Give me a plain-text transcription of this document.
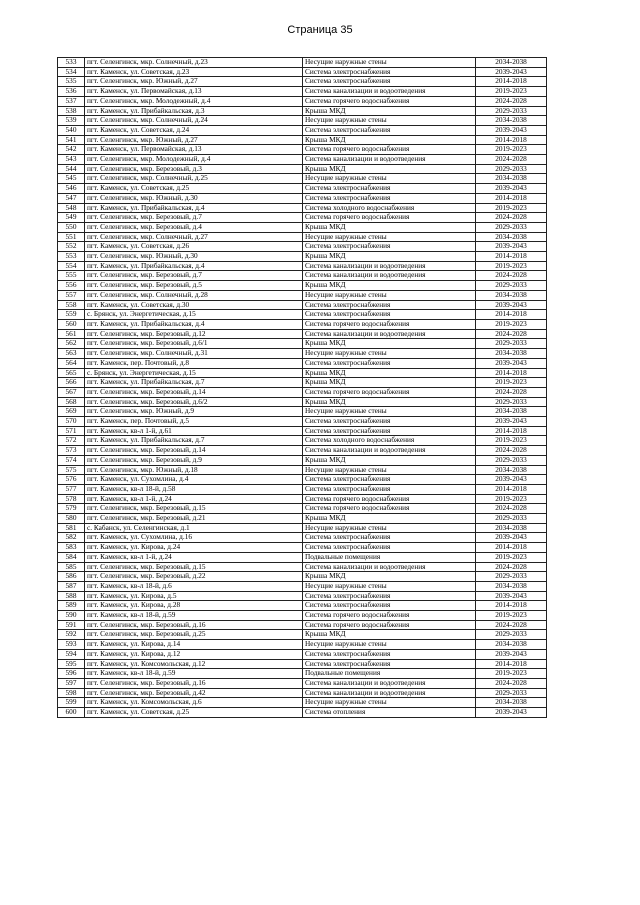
Страница 35
533	пгт. Селенгинск, мкр. Солнечный, д.23	Несущие наружные стены	2034-2038
534	пгт. Каменск, ул. Советская, д.23	Система электроснабжения	2039-2043
535	пгт. Селенгинск, мкр. Южный, д.27	Система электроснабжения	2014-2018
536	пгт. Каменск, ул. Первомайская, д.13	Система канализации и водоотведения	2019-2023
537	пгт. Селенгинск, мкр. Молодежный, д.4	Система горячего водоснабжения	2024-2028
538	пгт. Каменск, ул. Прибайкальская, д.3	Крыша МКД	2029-2033
539	пгт. Селенгинск, мкр. Солнечный, д.24	Несущие наружные стены	2034-2038
540	пгт. Каменск, ул. Советская, д.24	Система электроснабжения	2039-2043
541	пгт. Селенгинск, мкр. Южный, д.27	Крыша МКД	2014-2018
542	пгт. Каменск, ул. Первомайская, д.13	Система горячего водоснабжения	2019-2023
543	пгт. Селенгинск, мкр. Молодежный, д.4	Система канализации и водоотведения	2024-2028
544	пгт. Селенгинск, мкр. Березовый, д.3	Крыша МКД	2029-2033
545	пгт. Селенгинск, мкр. Солнечный, д.25	Несущие наружные стены	2034-2038
546	пгт. Каменск, ул. Советская, д.25	Система электроснабжения	2039-2043
547	пгт. Селенгинск, мкр. Южный, д.30	Система электроснабжения	2014-2018
548	пгт. Каменск, ул. Прибайкальская, д.4	Система холодного водоснабжения	2019-2023
549	пгт. Селенгинск, мкр. Березовый, д.7	Система горячего водоснабжения	2024-2028
550	пгт. Селенгинск, мкр. Березовый, д.4	Крыша МКД	2029-2033
551	пгт. Селенгинск, мкр. Солнечный, д.27	Несущие наружные стены	2034-2038
552	пгт. Каменск, ул. Советская, д.26	Система электроснабжения	2039-2043
553	пгт. Селенгинск, мкр. Южный, д.30	Крыша МКД	2014-2018
554	пгт. Каменск, ул. Прибайкальская, д.4	Система канализации и водоотведения	2019-2023
555	пгт. Селенгинск, мкр. Березовый, д.7	Система канализации и водоотведения	2024-2028
556	пгт. Селенгинск, мкр. Березовый, д.5	Крыша МКД	2029-2033
557	пгт. Селенгинск, мкр. Солнечный, д.28	Несущие наружные стены	2034-2038
558	пгт. Каменск, ул. Советская, д.30	Система электроснабжения	2039-2043
559	с. Брянск, ул. Энергетическая, д.15	Система электроснабжения	2014-2018
560	пгт. Каменск, ул. Прибайкальская, д.4	Система горячего водоснабжения	2019-2023
561	пгт. Селенгинск, мкр. Березовый, д.12	Система канализации и водоотведения	2024-2028
562	пгт. Селенгинск, мкр. Березовый, д.6/1	Крыша МКД	2029-2033
563	пгт. Селенгинск, мкр. Солнечный, д.31	Несущие наружные стены	2034-2038
564	пгт. Каменск, пер. Почтовый, д.8	Система электроснабжения	2039-2043
565	с. Брянск, ул. Энергетическая, д.15	Крыша МКД	2014-2018
566	пгт. Каменск, ул. Прибайкальская, д.7	Крыша МКД	2019-2023
567	пгт. Селенгинск, мкр. Березовый, д.14	Система горячего водоснабжения	2024-2028
568	пгт. Селенгинск, мкр. Березовый, д.6/2	Крыша МКД	2029-2033
569	пгт. Селенгинск, мкр. Южный, д.9	Несущие наружные стены	2034-2038
570	пгт. Каменск, пер. Почтовый, д.5	Система электроснабжения	2039-2043
571	пгт. Каменск, кв-л 1-й, д.61	Система электроснабжения	2014-2018
572	пгт. Каменск, ул. Прибайкальская, д.7	Система холодного водоснабжения	2019-2023
573	пгт. Селенгинск, мкр. Березовый, д.14	Система канализации и водоотведения	2024-2028
574	пгт. Селенгинск, мкр. Березовый, д.9	Крыша МКД	2029-2033
575	пгт. Селенгинск, мкр. Южный, д.18	Несущие наружные стены	2034-2038
576	пгт. Каменск, ул. Сухомлина, д.4	Система электроснабжения	2039-2043
577	пгт. Каменск, кв-л 18-й, д.58	Система электроснабжения	2014-2018
578	пгт. Каменск, кв-л 1-й, д.24	Система горячего водоснабжения	2019-2023
579	пгт. Селенгинск, мкр. Березовый, д.15	Система горячего водоснабжения	2024-2028
580	пгт. Селенгинск, мкр. Березовый, д.21	Крыша МКД	2029-2033
581	с. Кабанск, ул. Селенгинская, д.1	Несущие наружные стены	2034-2038
582	пгт. Каменск, ул. Сухомлина, д.16	Система электроснабжения	2039-2043
583	пгт. Каменск, ул. Кирова, д.24	Система электроснабжения	2014-2018
584	пгт. Каменск, кв-л 1-й, д.24	Подвальные помещения	2019-2023
585	пгт. Селенгинск, мкр. Березовый, д.15	Система канализации и водоотведения	2024-2028
586	пгт. Селенгинск, мкр. Березовый, д.22	Крыша МКД	2029-2033
587	пгт. Каменск, кв-л 18-й, д.6	Несущие наружные стены	2034-2038
588	пгт. Каменск, ул. Кирова, д.5	Система электроснабжения	2039-2043
589	пгт. Каменск, ул. Кирова, д.28	Система электроснабжения	2014-2018
590	пгт. Каменск, кв-л 18-й, д.59	Система горячего водоснабжения	2019-2023
591	пгт. Селенгинск, мкр. Березовый, д.16	Система горячего водоснабжения	2024-2028
592	пгт. Селенгинск, мкр. Березовый, д.25	Крыша МКД	2029-2033
593	пгт. Каменск, ул. Кирова, д.14	Несущие наружные стены	2034-2038
594	пгт. Каменск, ул. Кирова, д.12	Система электроснабжения	2039-2043
595	пгт. Каменск, ул. Комсомольская, д.12	Система электроснабжения	2014-2018
596	пгт. Каменск, кв-л 18-й, д.59	Подвальные помещения	2019-2023
597	пгт. Селенгинск, мкр. Березовый, д.16	Система канализации и водоотведения	2024-2028
598	пгт. Селенгинск, мкр. Березовый, д.42	Система канализации и водоотведения	2029-2033
599	пгт. Каменск, ул. Комсомольская, д.6	Несущие наружные стены	2034-2038
600	пгт. Каменск, ул. Советская, д.25	Система отопления	2039-2043
